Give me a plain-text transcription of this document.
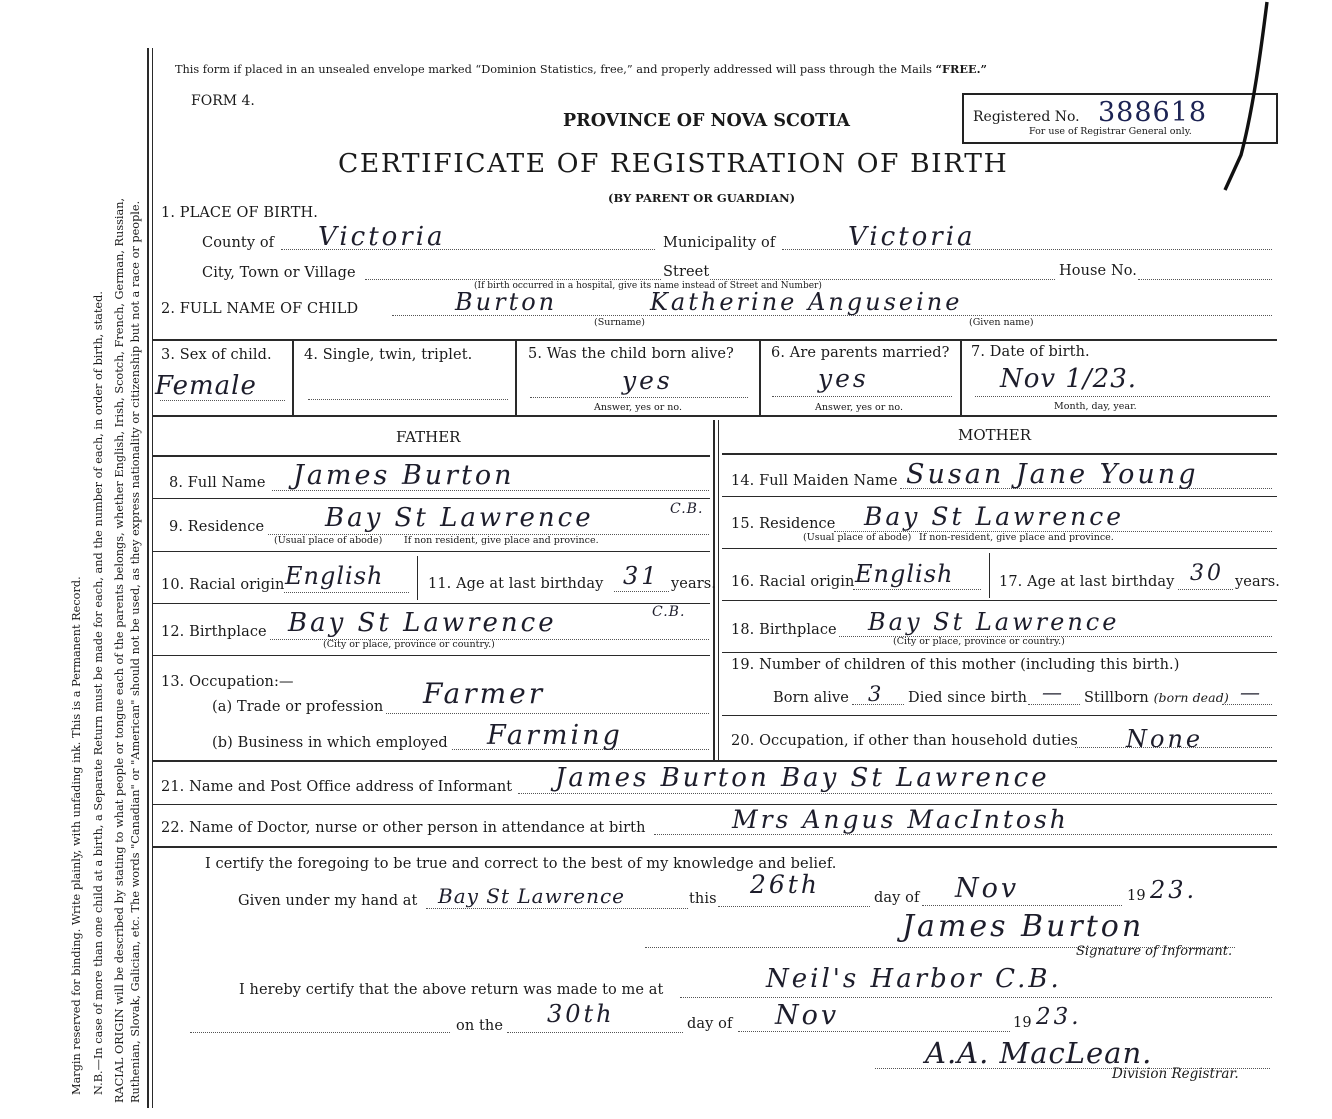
Margin reserved for binding. Write plainly, with unfading ink. This is a Permanent Record. N.B.—In case of more than one child at a birth, a Separate Return must be made for each, and the number of each, in order of birth, stated. RACIAL ORIGIN will be described by stating to what people or tongue each of the parents belongs, whether English, Irish, Scotch, French, German, Russian, Ruthenian, Slovak, Galician, etc. The words "Canadian" or "American" should not be used, as they express nationality or citizenship but not a race or people.
This form if placed in an unsealed envelope marked “Dominion Statistics, free,” and properly addressed will pass through the Mails “FREE.”
FORM 4.
PROVINCE OF NOVA SCOTIA
CERTIFICATE OF REGISTRATION OF BIRTH
(BY PARENT OR GUARDIAN)
Registered No. 388618
For use of Registrar General only.
1. PLACE OF BIRTH.
County of Victoria	Municipality of	Victoria
City, Town or Village	Street	House No.
(If birth occurred in a hospital, give its name instead of Street and Number)
2. FULL NAME OF CHILD	Burton	Katherine Anguseine
(Surname)	(Given name)
3. Sex of child.
Female
4. Single, twin, triplet.	5. Was the child born alive?
yes
Answer, yes or no.
6. Are parents married?
yes
Answer, yes or no.
7. Date of birth.
Nov 1/23.
Month, day, year.
FATHER	MOTHER
8. Full Name James Burton
9. Residence Bay St Lawrence	C.B.
(Usual place of abode) If non resident, give place and province.
10. Racial origin English	11. Age at last birthday 31 years.
12. Birthplace Bay St Lawrence	C.B.
(City or place, province or country.)
13. Occupation:—
(a) Trade or profession Farmer
(b) Business in which employed Farming
14. Full Maiden Name Susan Jane Young
15. Residence Bay St Lawrence
(Usual place of abode) If non-resident, give place and province.
16. Racial origin English	17. Age at last birthday 30 years.
18. Birthplace Bay St Lawrence
(City or place, province or country.)
19. Number of children of this mother (including this birth.)
Born alive 3 Died since birth — Stillborn (born dead) —
20. Occupation, if other than household duties None
21. Name and Post Office address of Informant James Burton Bay St Lawrence
22. Name of Doctor, nurse or other person in attendance at birth	Mrs Angus MacIntosh
I certify the foregoing to be true and correct to the best of my knowledge and belief.
Given under my hand at Bay St Lawrence	this 26th	day of Nov	19 23.
James Burton
Signature of Informant.
I hereby certify that the above return was made to me at	Neil's Harbor C.B.
on the 30th	day of Nov	19 23.
A.A. MacLean.
Division Registrar.
